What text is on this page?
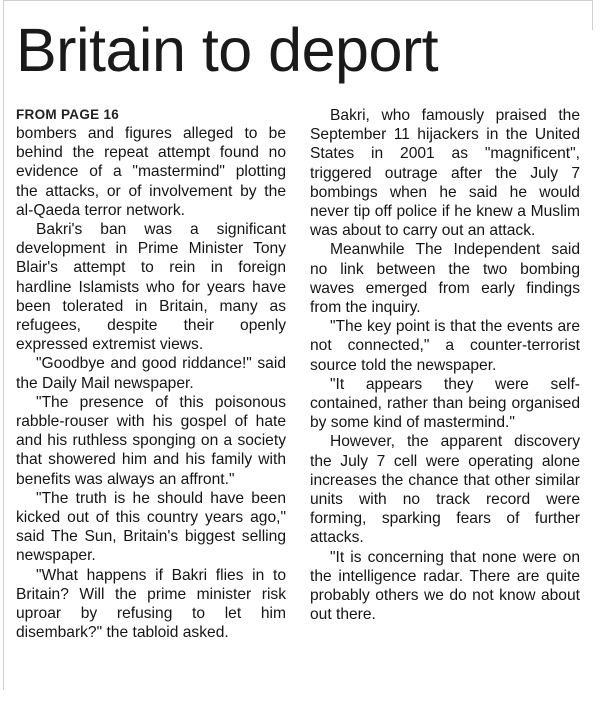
Britain to deport
FROM PAGE 16

bombers and figures alleged to be behind the repeat attempt found no evidence of a "mastermind" plotting the attacks, or of involvement by the al-Qaeda terror network.

Bakri's ban was a significant development in Prime Minister Tony Blair's attempt to rein in foreign hardline Islamists who for years have been tolerated in Britain, many as refugees, despite their openly expressed extremist views.

"Goodbye and good riddance!" said the Daily Mail newspaper.

"The presence of this poisonous rabble-rouser with his gospel of hate and his ruthless sponging on a society that showered him and his family with benefits was always an affront."

"The truth is he should have been kicked out of this country years ago," said The Sun, Britain's biggest selling newspaper.

"What happens if Bakri flies in to Britain? Will the prime minister risk uproar by refusing to let him disembark?" the tabloid asked.

Bakri, who famously praised the September 11 hijackers in the United States in 2001 as "magnificent", triggered outrage after the July 7 bombings when he said he would never tip off police if he knew a Muslim was about to carry out an attack.

Meanwhile The Independent said no link between the two bombing waves emerged from early findings from the inquiry.

"The key point is that the events are not connected," a counter-terrorist source told the newspaper.

"It appears they were self-contained, rather than being organised by some kind of mastermind."

However, the apparent discovery the July 7 cell were operating alone increases the chance that other similar units with no track record were forming, sparking fears of further attacks.

"It is concerning that none were on the intelligence radar. There are quite probably others we do not know about out there.
